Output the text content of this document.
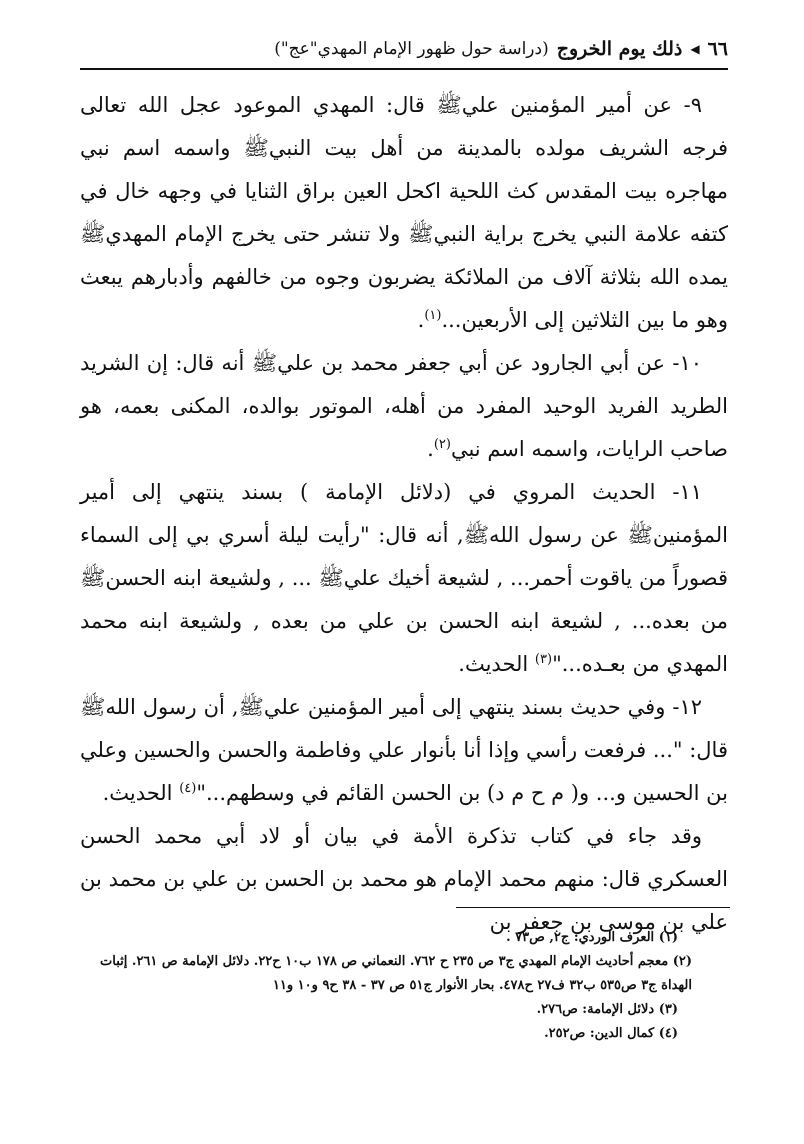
٦٦
◀
ذلك يوم الخروج
(دراسة حول ظهور الإمام المهدي"عج")

٩- عن أمير المؤمنين عليﷺ قال: المهدي الموعود عجل الله تعالى فرجه الشريف مولده بالمدينة من أهل بيت النبيﷺ واسمه اسم نبي مهاجره بيت المقدس كث اللحية اكحل العين براق الثنايا في وجهه خال في كتفه علامة النبي يخرج براية النبيﷺ ولا تنشر حتى يخرج الإمام المهديﷺ يمده الله بثلاثة آلاف من الملائكة يضربون وجوه من خالفهم وأدبارهم يبعث وهو ما بين الثلاثين إلى الأربعين...$^{(١)}$.

١٠- عن أبي الجارود عن أبي جعفر محمد بن عليﷺ أنه قال: إن الشريد الطريد الفريد الوحيد المفرد من أهله، الموتور بوالده، المكنى بعمه، هو صاحب الرايات، واسمه اسم نبي$^{(٢)}$.

١١- الحديث المروي في (دلائل الإمامة ) بسند ينتهي إلى أمير المؤمنينﷺ عن رسول اللهﷺ, أنه قال: "رأيت ليلة أسري بي إلى السماء قصوراً من ياقوت أحمر... , لشيعة أخيك عليﷺ ... , ولشيعة ابنه الحسنﷺ من بعده... , لشيعة ابنه الحسن بن علي من بعده , ولشيعة ابنه محمد المهدي من بعـده..."$^{(٣)}$ الحديث.

١٢- وفي حديث بسند ينتهي إلى أمير المؤمنين عليﷺ, أن رسول اللهﷺ قال: "... فرفعت رأسي وإذا أنا بأنوار علي وفاطمة والحسن والحسين وعلي بن الحسين و... و( م ح م د) بن الحسن القائم في وسطهم..."$^{(٤)}$ الحديث.

وقد جاء في كتاب تذكرة الأمة في بيان أو لاد أبي محمد الحسن العسكري قال: منهم محمد الإمام هو محمد بن الحسن بن علي بن محمد بن علي بن موسى بن جعفر بن

(١) العرف الوردي: ج٢, ص٧٣ .
(٢) معجم أحاديث الإمام المهدي ج٣ ص ٢٣٥ ح ٧٦٢. النعماني ص ١٧٨ ب١٠ ح٢٢. دلائل الإمامة ص ٢٦١. إثبات الهداة ج٣ ص٥٣٥ ب٣٢ ف٢٧ ح٤٧٨. بحار الأنوار ج٥١ ص ٣٧ - ٣٨ ح٩ و١٠ و١١
(٣) دلائل الإمامة: ص٢٧٦.
(٤) كمال الدين: ص٢٥٢.
